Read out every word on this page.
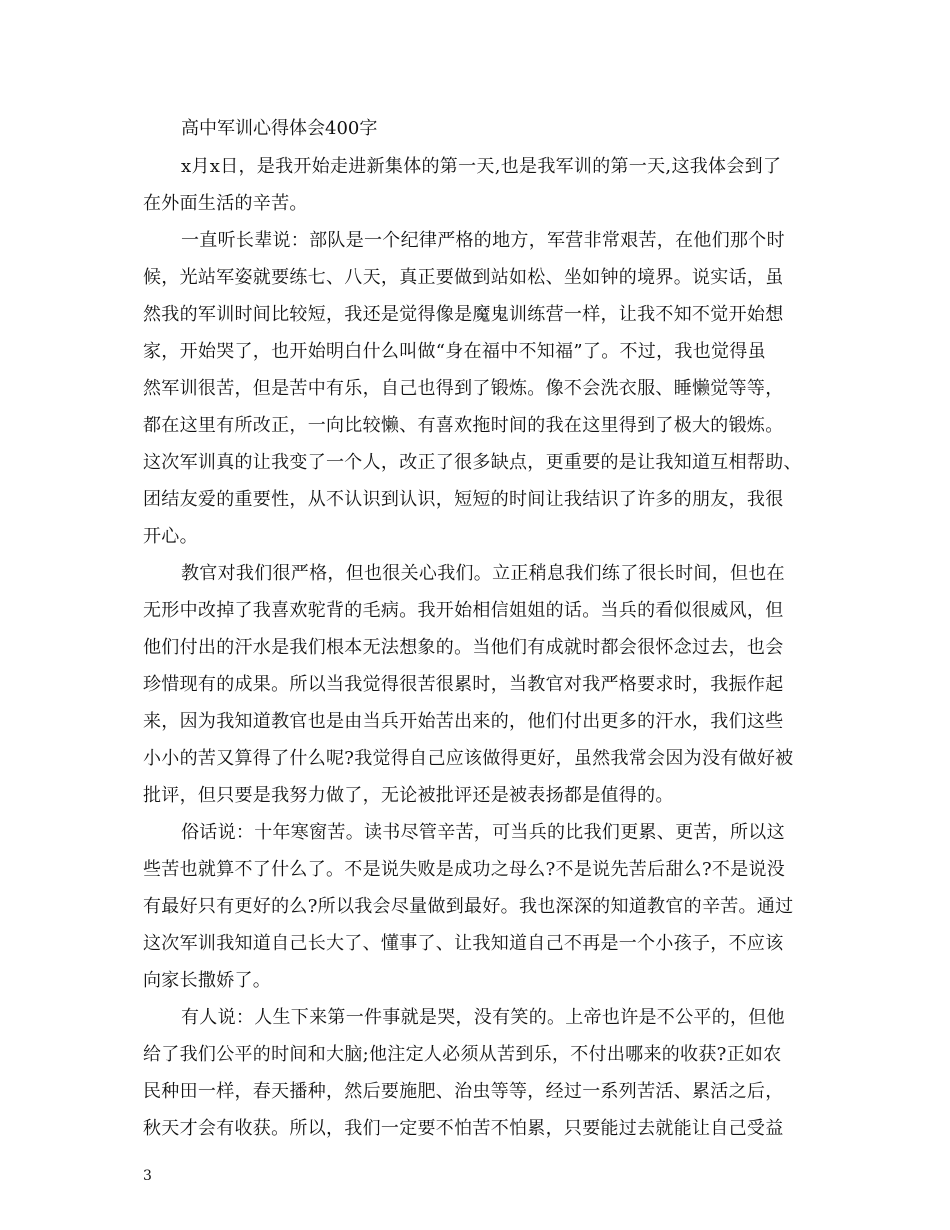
高中军训心得体会400字
x月x日，是我开始走进新集体的第一天,也是我军训的第一天,这我体会到了
在外面生活的辛苦。
一直听长辈说：部队是一个纪律严格的地方，军营非常艰苦，在他们那个时
候，光站军姿就要练七、八天，真正要做到站如松、坐如钟的境界。说实话，虽
然我的军训时间比较短，我还是觉得像是魔鬼训练营一样，让我不知不觉开始想
家，开始哭了，也开始明白什么叫做“身在福中不知福”了。不过，我也觉得虽
然军训很苦，但是苦中有乐，自己也得到了锻炼。像不会洗衣服、睡懒觉等等，
都在这里有所改正，一向比较懒、有喜欢拖时间的我在这里得到了极大的锻炼。
这次军训真的让我变了一个人，改正了很多缺点，更重要的是让我知道互相帮助、
团结友爱的重要性，从不认识到认识，短短的时间让我结识了许多的朋友，我很
开心。
教官对我们很严格，但也很关心我们。立正稍息我们练了很长时间，但也在
无形中改掉了我喜欢驼背的毛病。我开始相信姐姐的话。当兵的看似很威风，但
他们付出的汗水是我们根本无法想象的。当他们有成就时都会很怀念过去，也会
珍惜现有的成果。所以当我觉得很苦很累时，当教官对我严格要求时，我振作起
来，因为我知道教官也是由当兵开始苦出来的，他们付出更多的汗水，我们这些
小小的苦又算得了什么呢?我觉得自己应该做得更好，虽然我常会因为没有做好被
批评，但只要是我努力做了，无论被批评还是被表扬都是值得的。
俗话说：十年寒窗苦。读书尽管辛苦，可当兵的比我们更累、更苦，所以这
些苦也就算不了什么了。不是说失败是成功之母么?不是说先苦后甜么?不是说没
有最好只有更好的么?所以我会尽量做到最好。我也深深的知道教官的辛苦。通过
这次军训我知道自己长大了、懂事了、让我知道自己不再是一个小孩子，不应该
向家长撒娇了。
有人说：人生下来第一件事就是哭，没有笑的。上帝也许是不公平的，但他
给了我们公平的时间和大脑;他注定人必须从苦到乐，不付出哪来的收获?正如农
民种田一样，春天播种，然后要施肥、治虫等等，经过一系列苦活、累活之后，
秋天才会有收获。所以，我们一定要不怕苦不怕累，只要能过去就能让自己受益
3
